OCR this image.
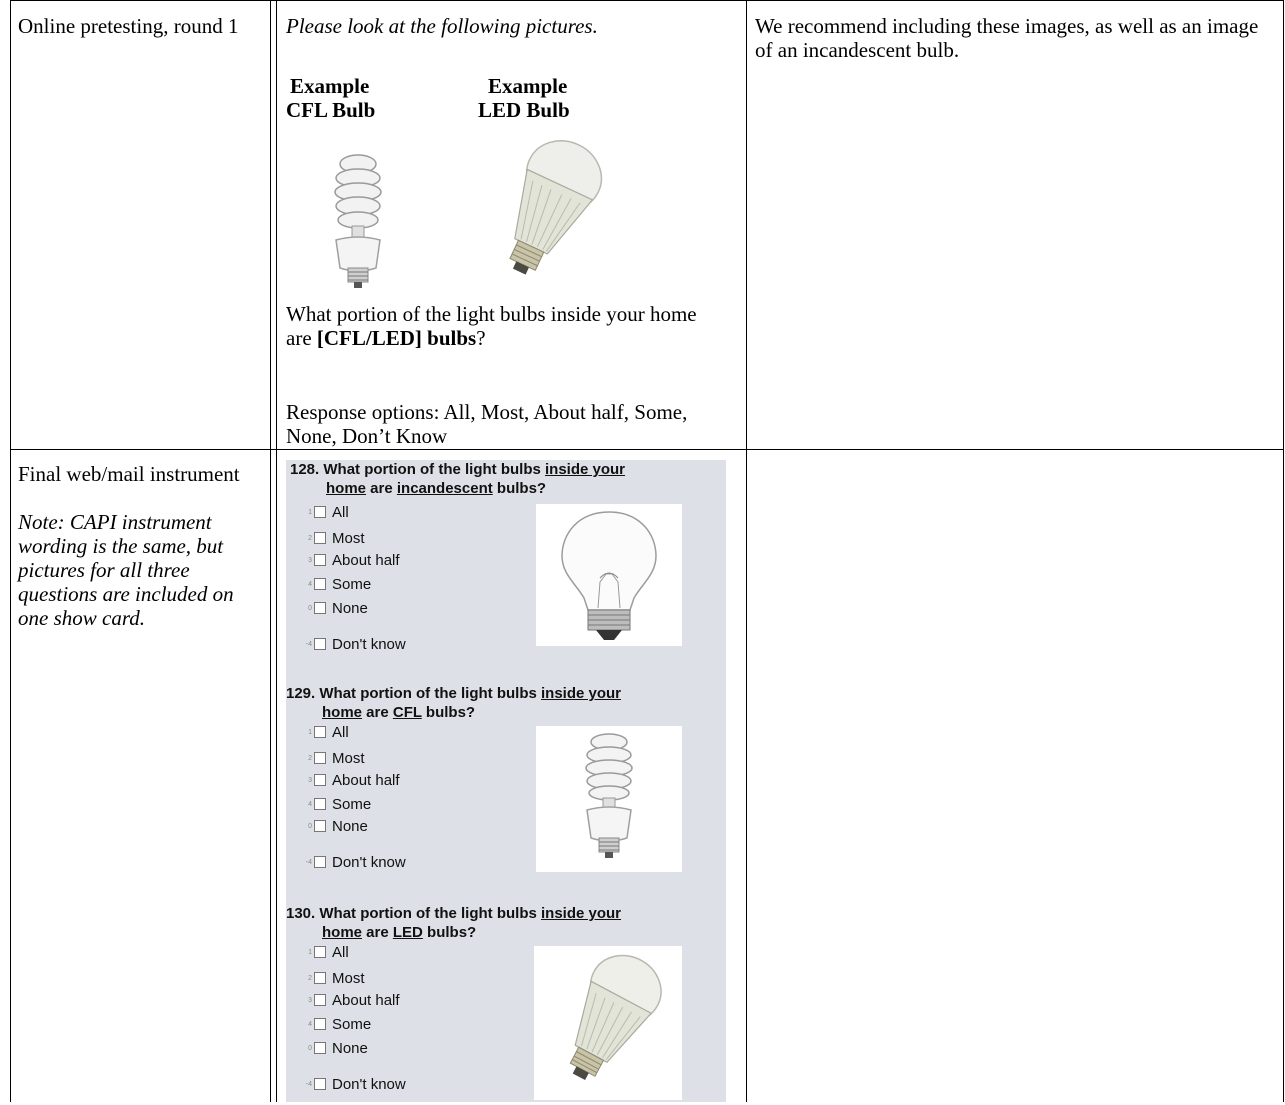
Online pretesting, round 1	Please look at the following pictures.
Example
CFL Bulb
Example
LED Bulb
What portion of the light bulbs inside your home are [CFL/LED] bulbs?
Response options: All, Most, About half, Some, None, Don’t Know
We recommend including these images, as well as an image of an incandescent bulb.
Final web/mail instrument
Note: CAPI instrument wording is the same, but pictures for all three questions are included on one show card.
128. What portion of the light bulbs inside your
home are incandescent bulbs?
1 All
2 Most
3 About half
4 Some
0 None
-4 Don't know
129. What portion of the light bulbs inside your
home are CFL bulbs?
1 All
2 Most
3 About half
4 Some
0 None
-4 Don't know
130. What portion of the light bulbs inside your
home are LED bulbs?
1 All
2 Most
3 About half
4 Some
0 None
-4 Don't know
